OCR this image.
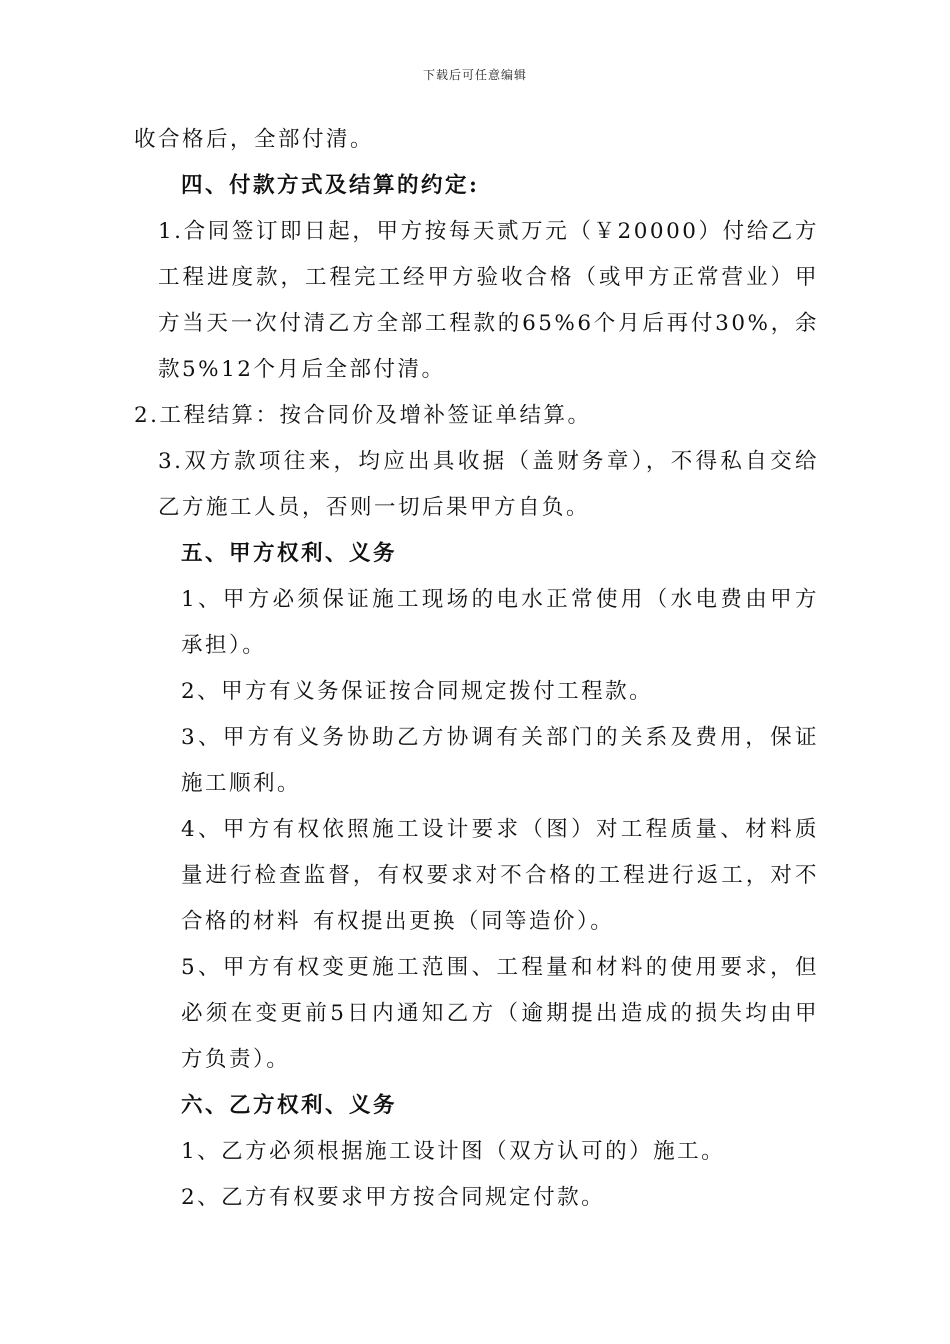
下载后可任意编辑

收合格后，全部付清。

四、付款方式及结算的约定:

1.合同签订即日起，甲方按每天贰万元（￥20000）付给乙方工程进度款，工程完工经甲方验收合格（或甲方正常营业）甲方当天一次付清乙方全部工程款的65%6个月后再付30%，余款5%12个月后全部付清。

2.工程结算：按合同价及增补签证单结算。

3.双方款项往来，均应出具收据（盖财务章），不得私自交给乙方施工人员，否则一切后果甲方自负。

五、甲方权利、义务

1、甲方必须保证施工现场的电水正常使用（水电费由甲方承担）。

2、甲方有义务保证按合同规定拨付工程款。

3、甲方有义务协助乙方协调有关部门的关系及费用，保证施工顺利。

4、甲方有权依照施工设计要求（图）对工程质量、材料质量进行检查监督，有权要求对不合格的工程进行返工，对不合格的材料 有权提出更换（同等造价）。

5、甲方有权变更施工范围、工程量和材料的使用要求，但必须在变更前5日内通知乙方（逾期提出造成的损失均由甲方负责）。

六、乙方权利、义务

1、乙方必须根据施工设计图（双方认可的）施工。

2、乙方有权要求甲方按合同规定付款。
